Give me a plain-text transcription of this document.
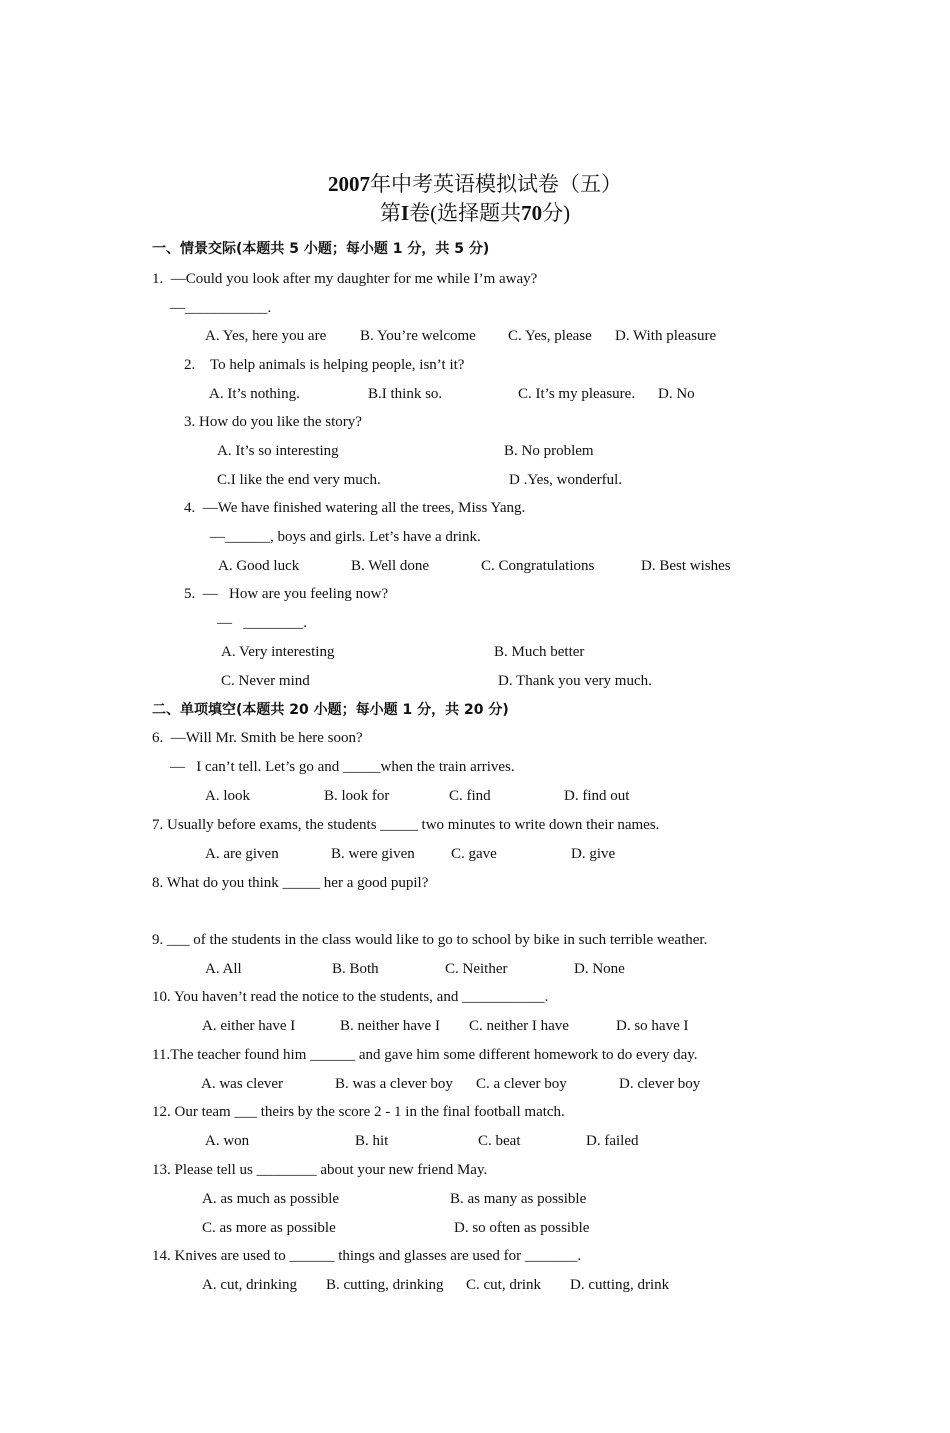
2007年中考英语模拟试卷（五）
第I卷(选择题共70分)
一、情景交际(本题共 5 小题；每小题 1 分，共 5 分)
1.  —Could you look after my daughter for me while I’m away?
—___________.
A. Yes, here you are B. You’re welcome C. Yes, please D. With pleasure
2.    To help animals is helping people, isn’t it?
A. It’s nothing.	B.I think so.	C. It’s my pleasure. D. No
3. How do you like the story?
A. It’s so interesting	B. No problem
C.I like the end very much.	D .Yes, wonderful.
4.  —We have finished watering all the trees, Miss Yang.
—______, boys and girls. Let’s have a drink.
A. Good luck	B. Well done	C. Congratulations	D. Best wishes
5.  —   How are you feeling now?
—   ________.
A. Very interesting	B. Much better
C. Never mind	D. Thank you very much.
二、单项填空(本题共 20 小题；每小题 1 分，共 20 分)
6.  —Will Mr. Smith be here soon?
—   I can’t tell. Let’s go and _____when the train arrives.
A. look	B. look for	C. find	D. find out
7. Usually before exams, the students _____ two minutes to write down their names.
A. are given	B. were given C. gave	D. give
8. What do you think _____ her a good pupil?
9. ___ of the students in the class would like to go to school by bike in such terrible weather.
A. All	B. Both	C. Neither	D. None
10. You haven’t read the notice to the students, and ___________.
A. either have I	B. neither have I C. neither I have	D. so have I
11.The teacher found him ______ and gave him some different homework to do every day.
A. was clever	B. was a clever boy C. a clever boy	D. clever boy
12. Our team ___ theirs by the score 2 - 1 in the final football match.
A. won	B. hit	C. beat	D. failed
13. Please tell us ________ about your new friend May.
A. as much as possible	B. as many as possible
C. as more as possible	D. so often as possible
14. Knives are used to ______ things and glasses are used for _______.
A. cut, drinking B. cutting, drinking C. cut, drink D. cutting, drink
